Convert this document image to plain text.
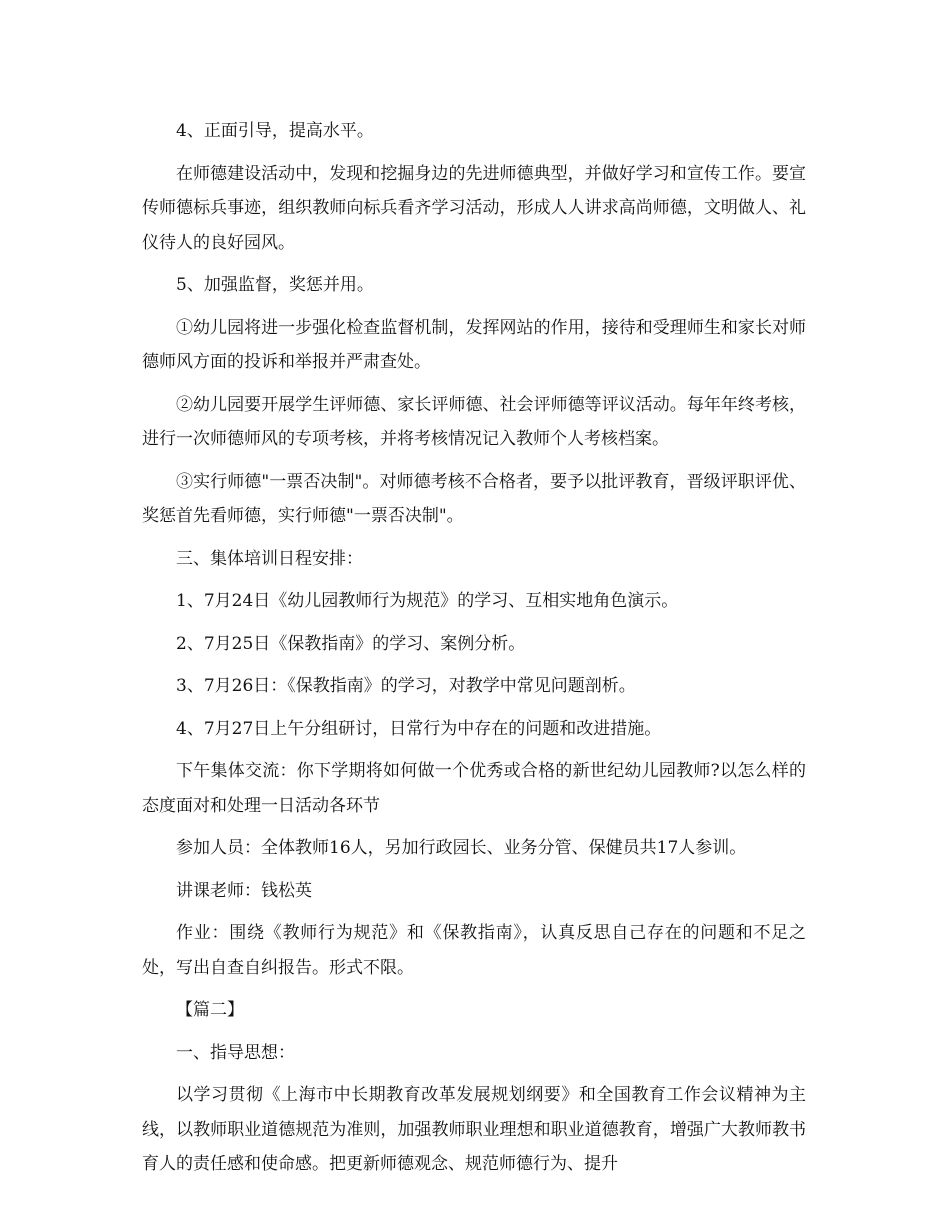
4、正面引导，提高水平。

在师德建设活动中，发现和挖掘身边的先进师德典型，并做好学习和宣传工作。要宣传师德标兵事迹，组织教师向标兵看齐学习活动，形成人人讲求高尚师德，文明做人、礼仪待人的良好园风。

5、加强监督，奖惩并用。

①幼儿园将进一步强化检查监督机制，发挥网站的作用，接待和受理师生和家长对师德师风方面的投诉和举报并严肃查处。

②幼儿园要开展学生评师德、家长评师德、社会评师德等评议活动。每年年终考核，进行一次师德师风的专项考核，并将考核情况记入教师个人考核档案。

③实行师德"一票否决制"。对师德考核不合格者，要予以批评教育，晋级评职评优、奖惩首先看师德，实行师德"一票否决制"。

三、集体培训日程安排：

1、7月24日《幼儿园教师行为规范》的学习、互相实地角色演示。

2、7月25日《保教指南》的学习、案例分析。

3、7月26日：《保教指南》的学习，对教学中常见问题剖析。

4、7月27日上午分组研讨，日常行为中存在的问题和改进措施。

下午集体交流：你下学期将如何做一个优秀或合格的新世纪幼儿园教师?以怎么样的态度面对和处理一日活动各环节

参加人员：全体教师16人，另加行政园长、业务分管、保健员共17人参训。

讲课老师：钱松英

作业：围绕《教师行为规范》和《保教指南》，认真反思自己存在的问题和不足之处，写出自查自纠报告。形式不限。

【篇二】

一、指导思想：

以学习贯彻《上海市中长期教育改革发展规划纲要》和全国教育工作会议精神为主线，以教师职业道德规范为准则，加强教师职业理想和职业道德教育，增强广大教师教书育人的责任感和使命感。把更新师德观念、规范师德行为、提升
